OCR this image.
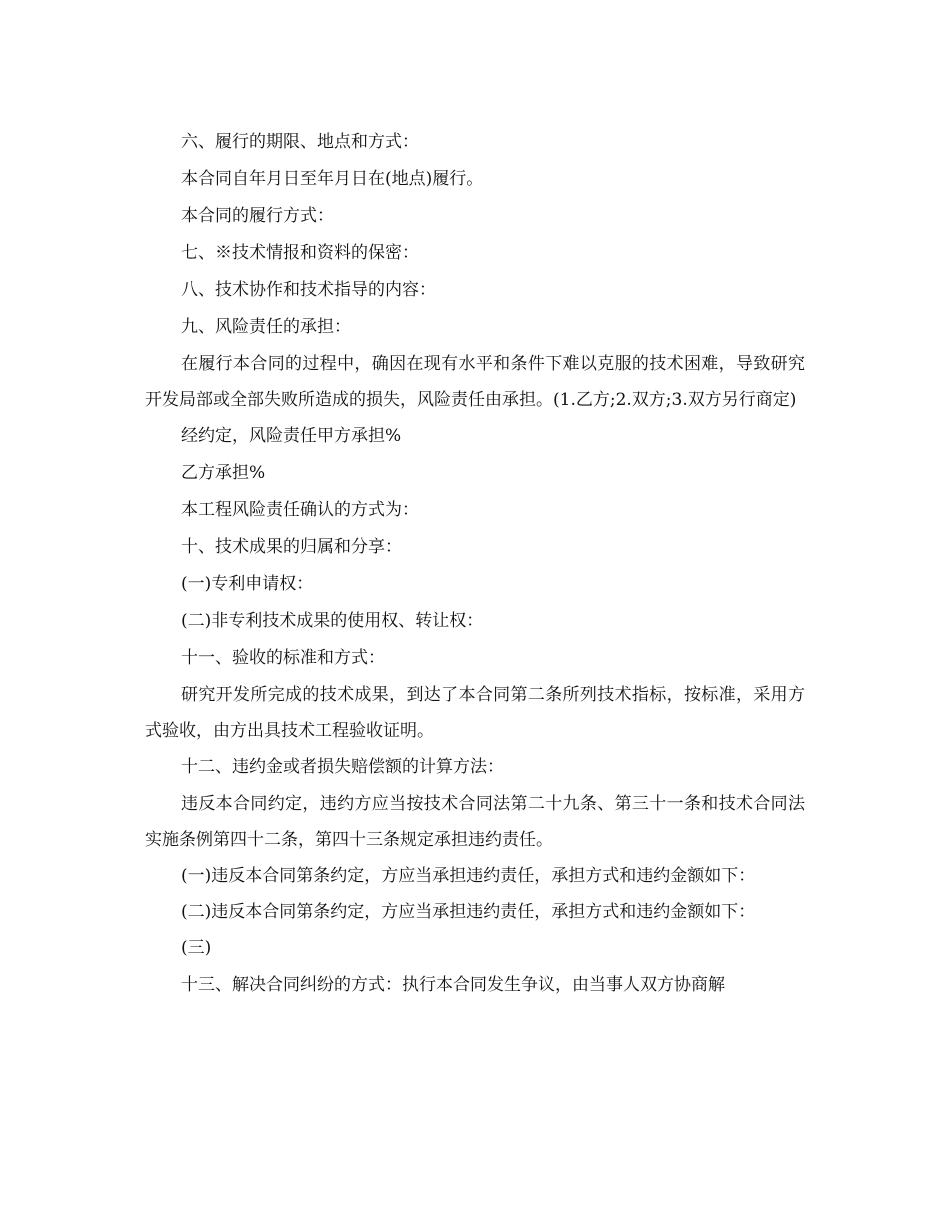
六、履行的期限、地点和方式：

本合同自年月日至年月日在(地点)履行。

本合同的履行方式：

七、※技术情报和资料的保密：

八、技术协作和技术指导的内容：

九、风险责任的承担：

在履行本合同的过程中，确因在现有水平和条件下难以克服的技术困难，导致研究开发局部或全部失败所造成的损失，风险责任由承担。(1.乙方;2.双方;3.双方另行商定)

经约定，风险责任甲方承担%

乙方承担%

本工程风险责任确认的方式为：

十、技术成果的归属和分享：

(一)专利申请权：

(二)非专利技术成果的使用权、转让权：

十一、验收的标准和方式：

研究开发所完成的技术成果，到达了本合同第二条所列技术指标，按标准，采用方式验收，由方出具技术工程验收证明。

十二、违约金或者损失赔偿额的计算方法：

违反本合同约定，违约方应当按技术合同法第二十九条、第三十一条和技术合同法实施条例第四十二条，第四十三条规定承担违约责任。

(一)违反本合同第条约定，方应当承担违约责任，承担方式和违约金额如下：

(二)违反本合同第条约定，方应当承担违约责任，承担方式和违约金额如下：

(三)

十三、解决合同纠纷的方式：执行本合同发生争议，由当事人双方协商解
